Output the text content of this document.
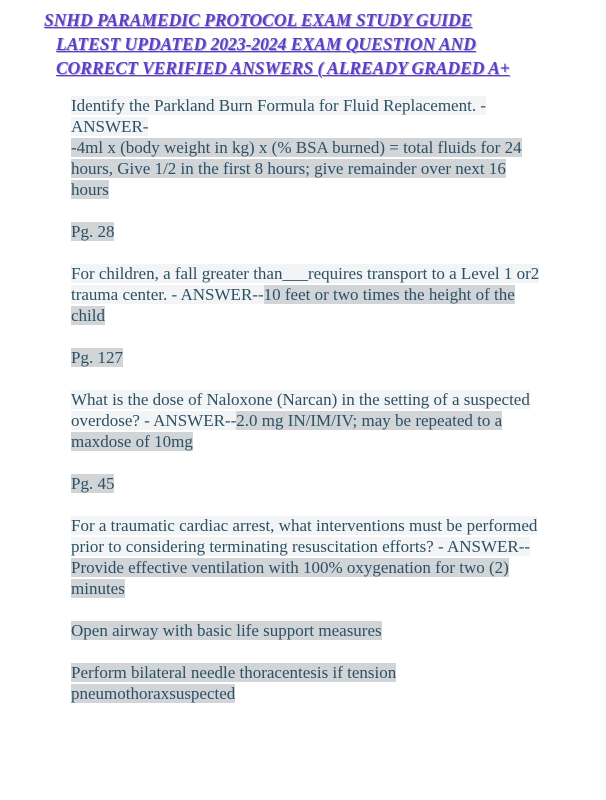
SNHD PARAMEDIC PROTOCOL EXAM STUDY GUIDE
LATEST UPDATED 2023-2024 EXAM QUESTION AND
CORRECT VERIFIED ANSWERS ( ALREADY GRADED A+
Identify the Parkland Burn Formula for Fluid Replacement. - ANSWER-
-4ml x (body weight in kg) x (% BSA burned) = total fluids for 24 hours, Give 1/2 in the first 8 hours; give remainder over next 16 hours
Pg. 28
For children, a fall greater than___requires transport to a Level 1 or2 trauma center. - ANSWER--10 feet or two times the height of the child
Pg. 127
What is the dose of Naloxone (Narcan) in the setting of a suspected overdose? - ANSWER--2.0 mg IN/IM/IV; may be repeated to a maxdose of 10mg
Pg. 45
For a traumatic cardiac arrest, what interventions must be performed prior to considering terminating resuscitation efforts? - ANSWER-- Provide effective ventilation with 100% oxygenation for two (2) minutes
Open airway with basic life support measures
Perform bilateral needle thoracentesis if tension pneumothoraxsuspected
